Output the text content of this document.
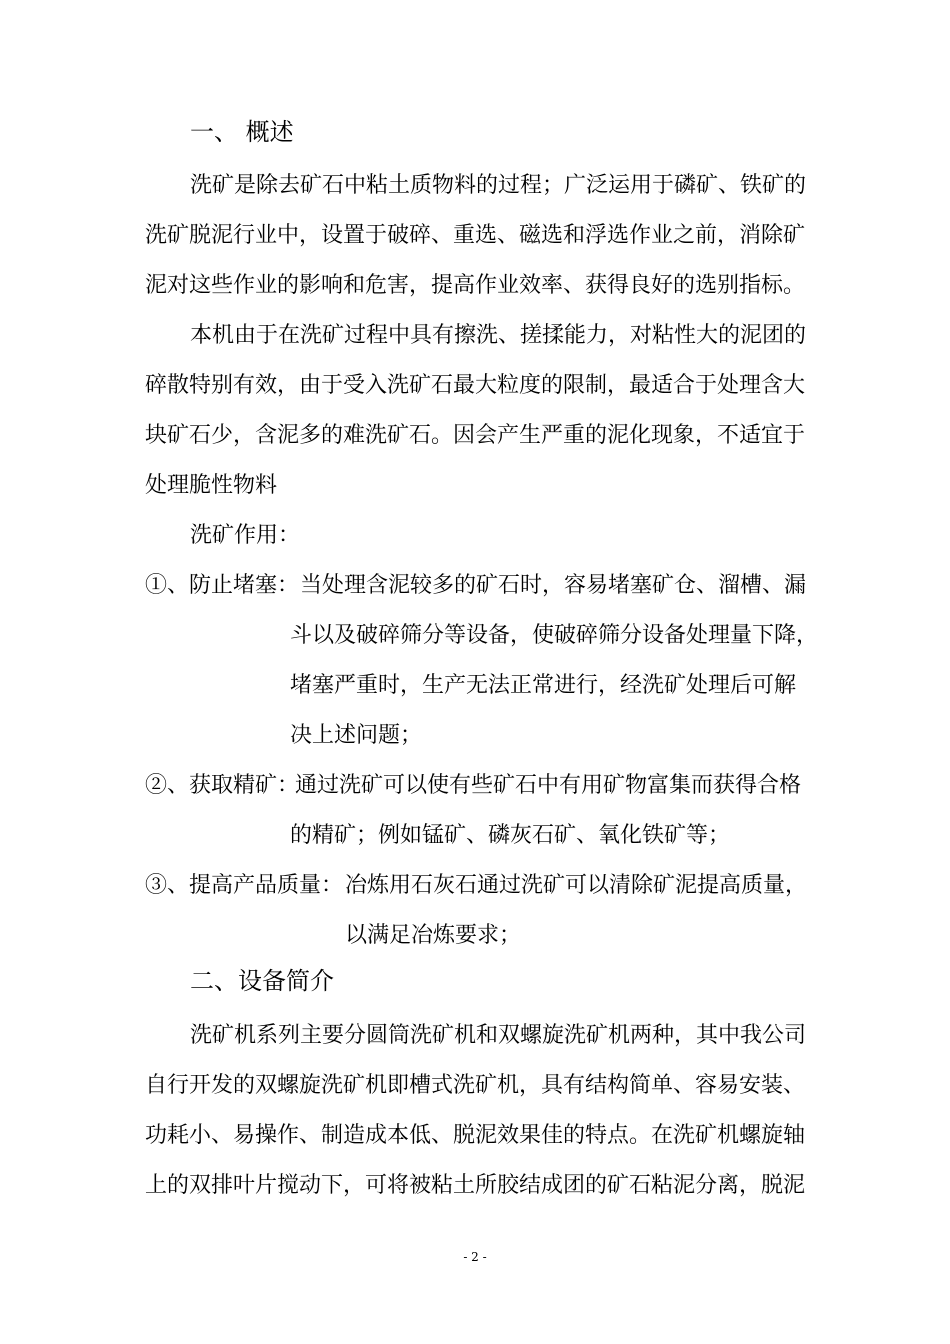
一、 概述
洗矿是除去矿石中粘土质物料的过程；广泛运用于磷矿、铁矿的
洗矿脱泥行业中，设置于破碎、重选、磁选和浮选作业之前，消除矿
泥对这些作业的影响和危害，提高作业效率、获得良好的选别指标。
本机由于在洗矿过程中具有擦洗、搓揉能力，对粘性大的泥团的
碎散特别有效，由于受入洗矿石最大粒度的限制，最适合于处理含大
块矿石少，含泥多的难洗矿石。因会产生严重的泥化现象，不适宜于
处理脆性物料
洗矿作用：
①、防止堵塞： 当处理含泥较多的矿石时，容易堵塞矿仓、溜槽、漏
斗以及破碎筛分等设备，使破碎筛分设备处理量下降，
堵塞严重时，生产无法正常进行，经洗矿处理后可解
决上述问题；
②、获取精矿：
通过洗矿可以使有些矿石中有用矿物富集而获得合格
的精矿；例如锰矿、磷灰石矿、氧化铁矿等；
③、提高产品质量： 冶炼用石灰石通过洗矿可以清除矿泥提高质量，
以满足冶炼要求；
二、设备简介
洗矿机系列主要分圆筒洗矿机和双螺旋洗矿机两种，其中我公司
自行开发的双螺旋洗矿机即槽式洗矿机，具有结构简单、容易安装、
功耗小、易操作、制造成本低、脱泥效果佳的特点。在洗矿机螺旋轴
上的双排叶片搅动下，可将被粘土所胶结成团的矿石粘泥分离，脱泥
- 2 -
